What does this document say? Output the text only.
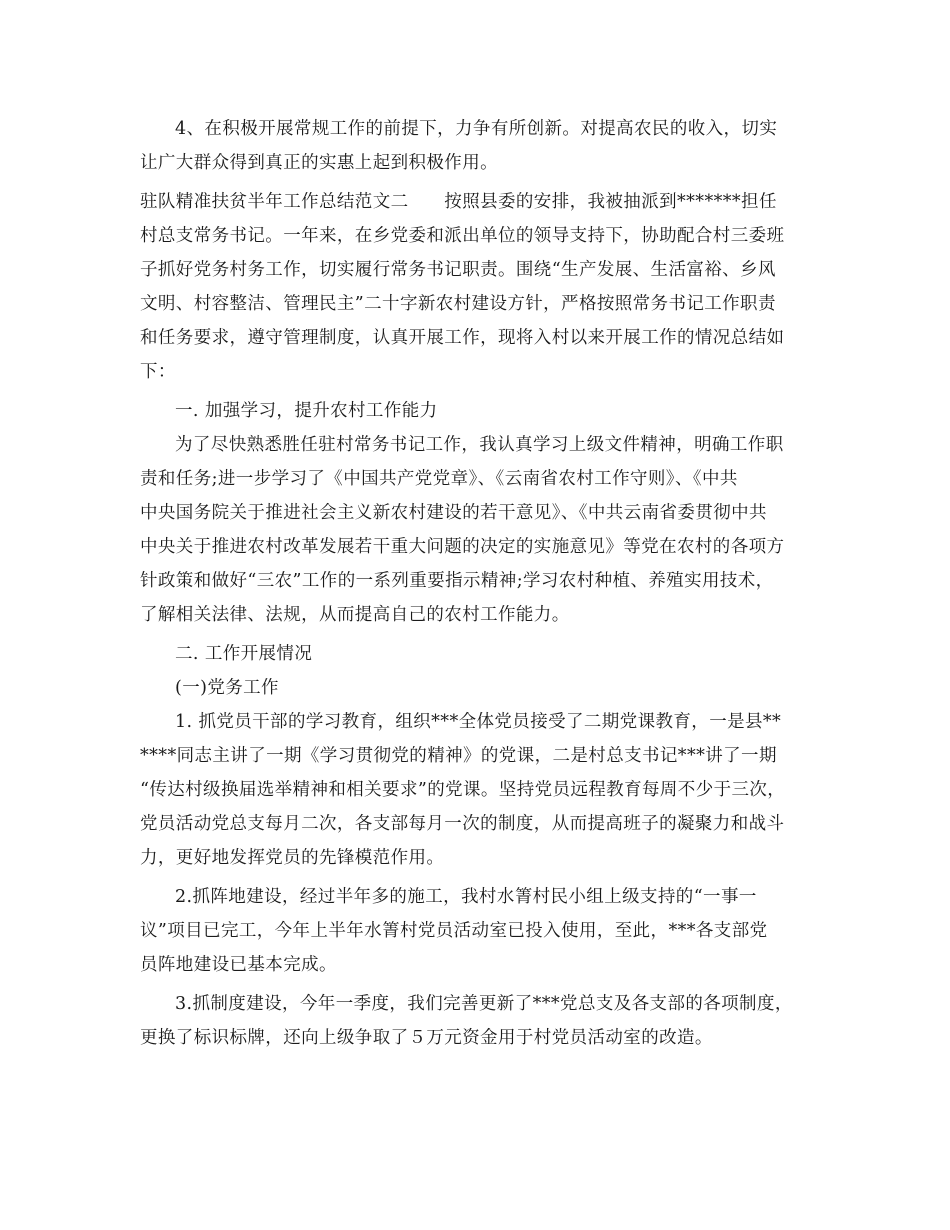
4、在积极开展常规工作的前提下，力争有所创新。对提高农民的收入，切实
让广大群众得到真正的实惠上起到积极作用。
驻队精准扶贫半年工作总结范文二　　按照县委的安排，我被抽派到*******担任
村总支常务书记。一年来，在乡党委和派出单位的领导支持下，协助配合村三委班
子抓好党务村务工作，切实履行常务书记职责。围绕“生产发展、生活富裕、乡风
文明、村容整洁、管理民主”二十字新农村建设方针，严格按照常务书记工作职责
和任务要求，遵守管理制度，认真开展工作，现将入村以来开展工作的情况总结如
下：
一. 加强学习，提升农村工作能力
为了尽快熟悉胜任驻村常务书记工作，我认真学习上级文件精神，明确工作职
责和任务;进一步学习了《中国共产党党章》、《云南省农村工作守则》、《中共
中央国务院关于推进社会主义新农村建设的若干意见》、《中共云南省委贯彻中共
中央关于推进农村改革发展若干重大问题的决定的实施意见》等党在农村的各项方
针政策和做好“三农”工作的一系列重要指示精神;学习农村种植、养殖实用技术，
了解相关法律、法规，从而提高自己的农村工作能力。
二. 工作开展情况
(一)党务工作
1. 抓党员干部的学习教育，组织***全体党员接受了二期党课教育，一是县**
****同志主讲了一期《学习贯彻党的精神》的党课，二是村总支书记***讲了一期
“传达村级换届选举精神和相关要求”的党课。坚持党员远程教育每周不少于三次，
党员活动党总支每月二次，各支部每月一次的制度，从而提高班子的凝聚力和战斗
力，更好地发挥党员的先锋模范作用。
2.抓阵地建设，经过半年多的施工，我村水箐村民小组上级支持的“一事一
议”项目已完工，今年上半年水箐村党员活动室已投入使用，至此，***各支部党
员阵地建设已基本完成。
3.抓制度建设，今年一季度，我们完善更新了***党总支及各支部的各项制度，
更换了标识标牌，还向上级争取了５万元资金用于村党员活动室的改造。
